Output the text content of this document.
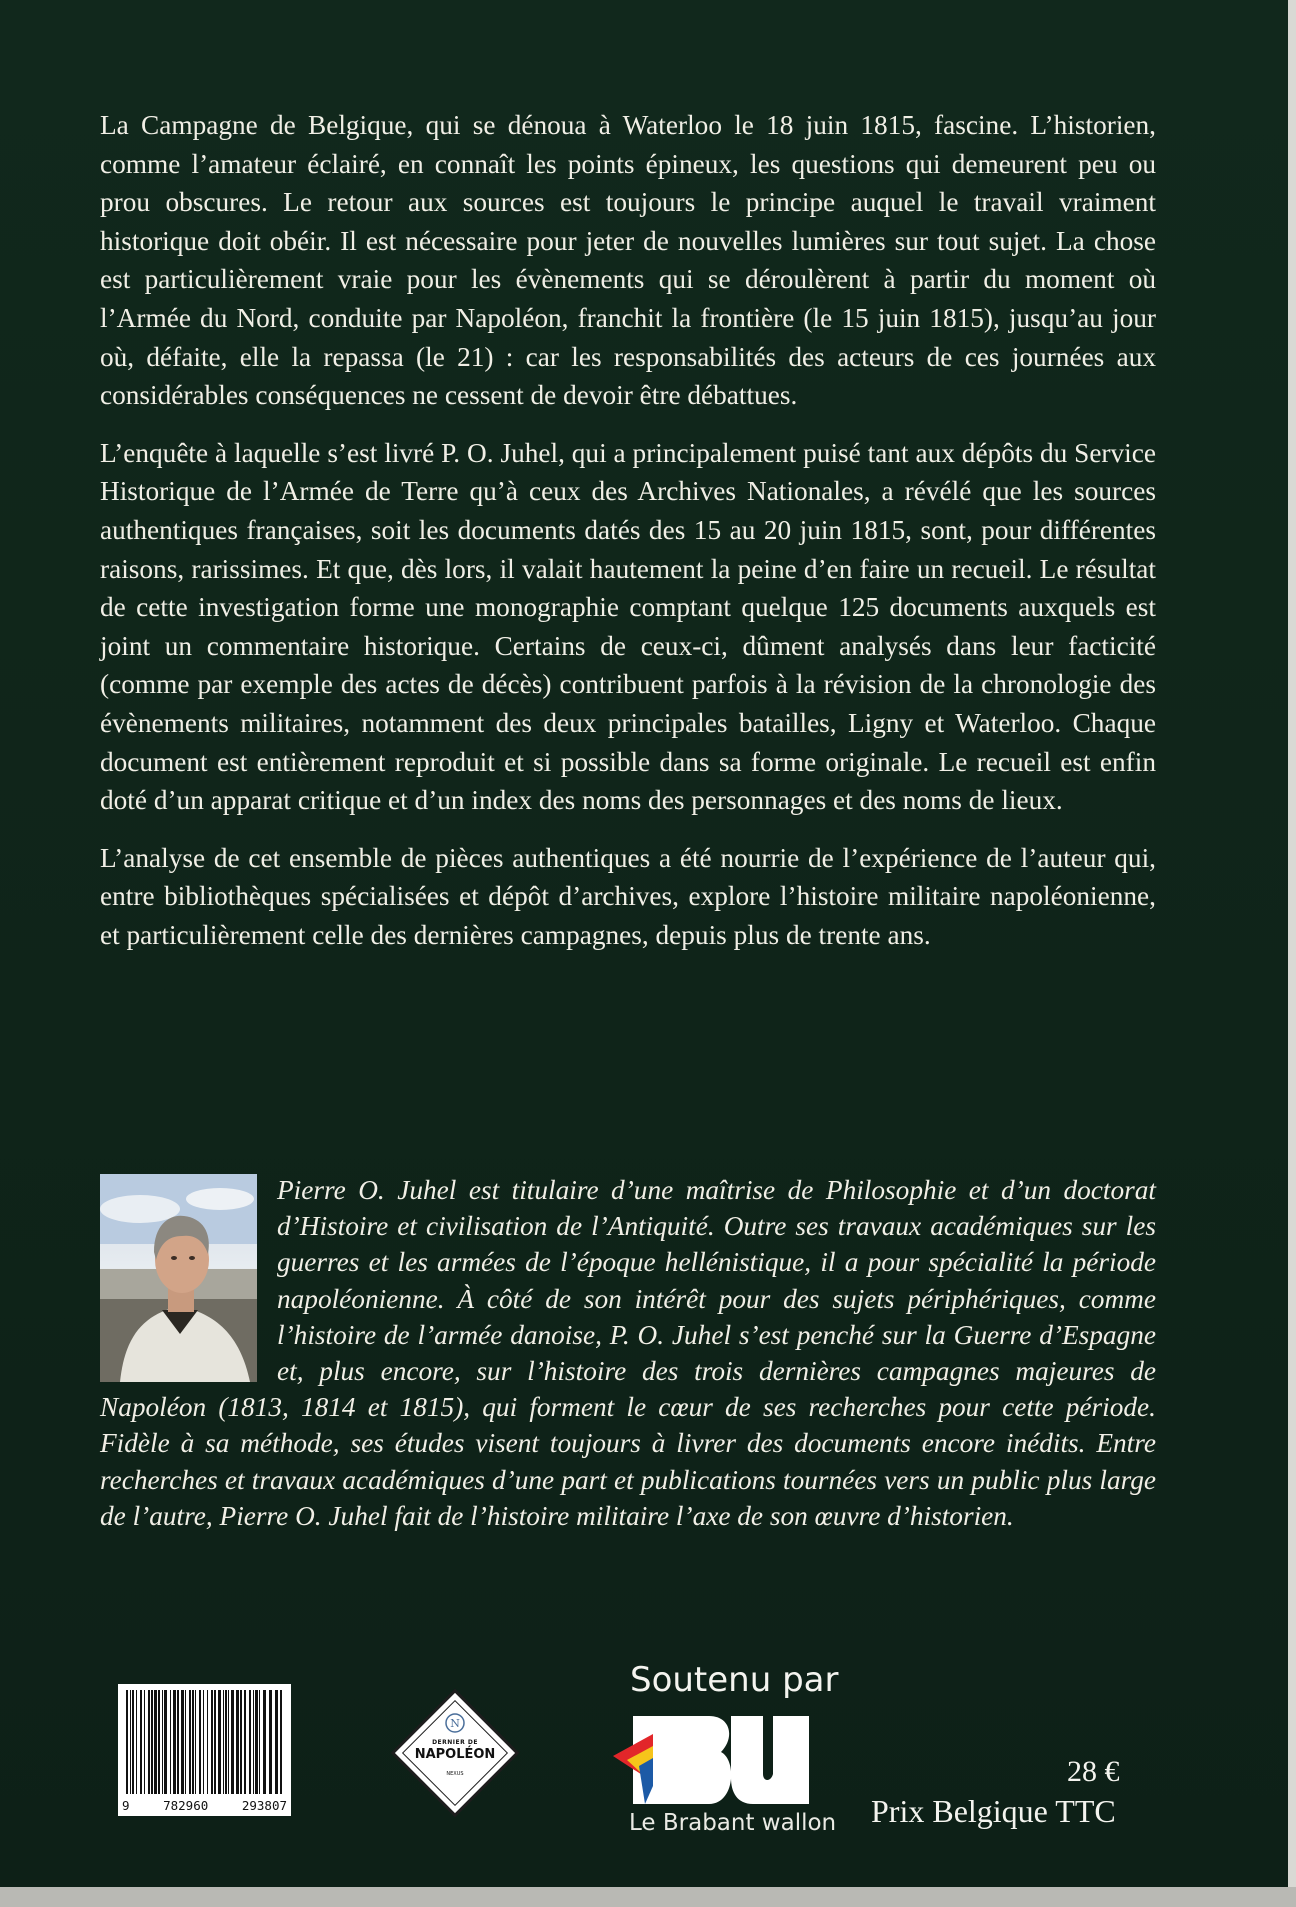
La Campagne de Belgique, qui se dénoua à Waterloo le 18 juin 1815, fascine. L’historien, comme l’amateur éclairé, en connaît les points épineux, les questions qui demeurent peu ou prou obscures. Le retour aux sources est toujours le principe auquel le travail vraiment historique doit obéir. Il est nécessaire pour jeter de nouvelles lumières sur tout sujet. La chose est particulièrement vraie pour les évènements qui se déroulèrent à partir du moment où l’Armée du Nord, conduite par Napoléon, franchit la frontière (le 15 juin 1815), jusqu’au jour où, défaite, elle la repassa (le 21) : car les responsabilités des acteurs de ces journées aux considérables conséquences ne cessent de devoir être débattues.

L’enquête à laquelle s’est livré P. O. Juhel, qui a principalement puisé tant aux dépôts du Service Historique de l’Armée de Terre qu’à ceux des Archives Nationales, a révélé que les sources authentiques françaises, soit les documents datés des 15 au 20 juin 1815, sont, pour différentes raisons, rarissimes. Et que, dès lors, il valait hautement la peine d’en faire un recueil. Le résultat de cette investigation forme une monographie comptant quelque 125 documents auxquels est joint un commentaire historique. Certains de ceux-ci, dûment analysés dans leur facticité (comme par exemple des actes de décès) contribuent parfois à la révision de la chronologie des évènements militaires, notamment des deux principales batailles, Ligny et Waterloo. Chaque document est entièrement reproduit et si possible dans sa forme originale. Le recueil est enfin doté d’un apparat critique et d’un index des noms des personnages et des noms de lieux.

L’analyse de cet ensemble de pièces authentiques a été nourrie de l’expérience de l’auteur qui, entre bibliothèques spécialisées et dépôt d’archives, explore l’histoire militaire napoléonienne, et particulièrement celle des dernières campagnes, depuis plus de trente ans.

Pierre O. Juhel est titulaire d’une maîtrise de Philosophie et d’un doctorat d’Histoire et civilisation de l’Antiquité. Outre ses travaux académiques sur les guerres et les armées de l’époque hellénistique, il a pour spécialité la période napoléonienne. À côté de son intérêt pour des sujets périphériques, comme l’histoire de l’armée danoise, P. O. Juhel s’est penché sur la Guerre d’Espagne et, plus encore, sur l’histoire des trois dernières campagnes majeures de Napoléon (1813, 1814 et 1815), qui forment le cœur de ses recherches pour cette période. Fidèle à sa méthode, ses études visent toujours à livrer des documents encore inédits. Entre recherches et travaux académiques d’une part et publications tournées vers un public plus large de l’autre, Pierre O. Juhel fait de l’histoire militaire l’axe de son œuvre d’historien.

9	782960	293807
N
DERNIER DE
NAPOLÉON
NEXUS
Soutenu par
Le Brabant wallon
28 €
Prix Belgique TTC
